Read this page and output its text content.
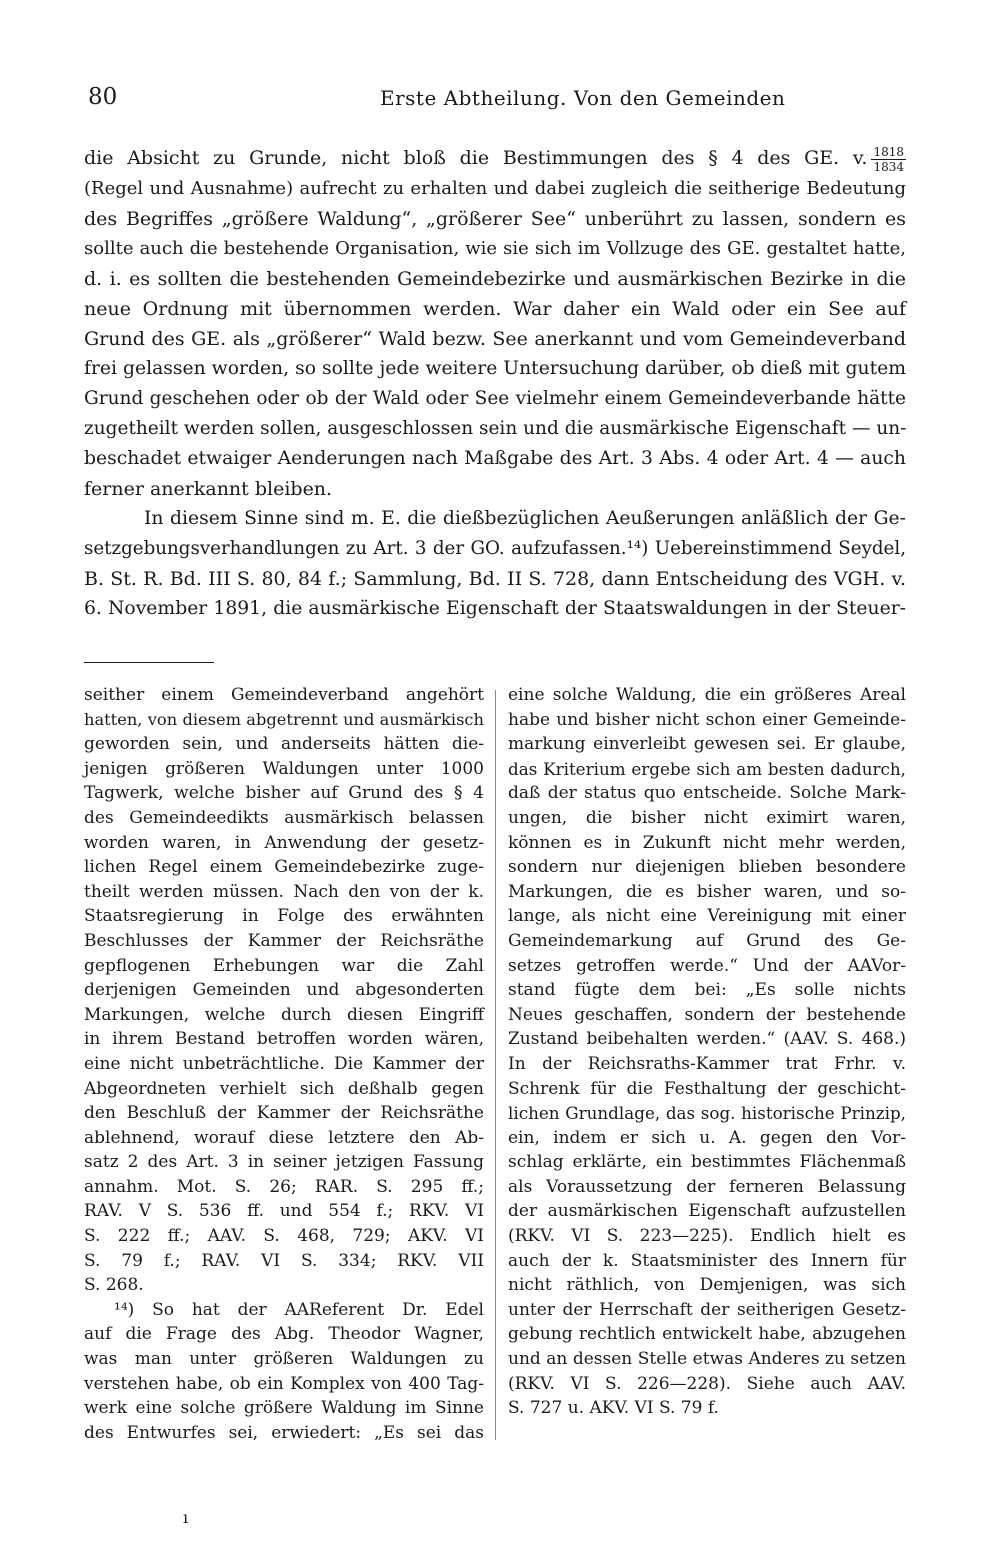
80	Erste Abtheilung. Von den Gemeinden

die Absicht zu Grunde, nicht bloß die Bestimmungen des § 4 des GE. v. $\frac{1818}{1834}$

(Regel und Ausnahme) aufrecht zu erhalten und dabei zugleich die seitherige Bedeutung

des Begriffes „größere Waldung“, „größerer See“ unberührt zu lassen, sondern es

sollte auch die bestehende Organisation, wie sie sich im Vollzuge des GE. gestaltet hatte,

d. i. es sollten die bestehenden Gemeindebezirke und ausmärkischen Bezirke in die

neue Ordnung mit übernommen werden. War daher ein Wald oder ein See auf

Grund des GE. als „größerer“ Wald bezw. See anerkannt und vom Gemeindeverband

frei gelassen worden, so sollte jede weitere Untersuchung darüber, ob dieß mit gutem

Grund geschehen oder ob der Wald oder See vielmehr einem Gemeindeverbande hätte

zugetheilt werden sollen, ausgeschlossen sein und die ausmärkische Eigenschaft — un-

beschadet etwaiger Aenderungen nach Maßgabe des Art. 3 Abs. 4 oder Art. 4 — auch

ferner anerkannt bleiben.

In diesem Sinne sind m. E. die dießbezüglichen Aeußerungen anläßlich der Ge-

setzgebungsverhandlungen zu Art. 3 der GO. aufzufassen.¹⁴) Uebereinstimmend Seydel,

B. St. R. Bd. III S. 80, 84 f.; Sammlung, Bd. II S. 728, dann Entscheidung des VGH. v.

6. November 1891, die ausmärkische Eigenschaft der Staatswaldungen in der Steuer-

seither einem Gemeindeverband angehört

hatten, von diesem abgetrennt und ausmärkisch

geworden sein, und anderseits hätten die-

jenigen größeren Waldungen unter 1000

Tagwerk, welche bisher auf Grund des § 4

des Gemeindeedikts ausmärkisch belassen

worden waren, in Anwendung der gesetz-

lichen Regel einem Gemeindebezirke zuge-

theilt werden müssen. Nach den von der k.

Staatsregierung in Folge des erwähnten

Beschlusses der Kammer der Reichsräthe

gepflogenen Erhebungen war die Zahl

derjenigen Gemeinden und abgesonderten

Markungen, welche durch diesen Eingriff

in ihrem Bestand betroffen worden wären,

eine nicht unbeträchtliche. Die Kammer der

Abgeordneten verhielt sich deßhalb gegen

den Beschluß der Kammer der Reichsräthe

ablehnend, worauf diese letztere den Ab-

satz 2 des Art. 3 in seiner jetzigen Fassung

annahm. Mot. S. 26; RAR. S. 295 ff.;

RAV. V S. 536 ff. und 554 f.; RKV. VI

S. 222 ff.; AAV. S. 468, 729; AKV. VI

S. 79 f.; RAV. VI S. 334; RKV. VII

S. 268.

¹⁴) So hat der AAReferent Dr. Edel

auf die Frage des Abg. Theodor Wagner,

was man unter größeren Waldungen zu

verstehen habe, ob ein Komplex von 400 Tag-

werk eine solche größere Waldung im Sinne

des Entwurfes sei, erwiedert: „Es sei das

eine solche Waldung, die ein größeres Areal

habe und bisher nicht schon einer Gemeinde-

markung einverleibt gewesen sei. Er glaube,

das Kriterium ergebe sich am besten dadurch,

daß der status quo entscheide. Solche Mark-

ungen, die bisher nicht eximirt waren,

können es in Zukunft nicht mehr werden,

sondern nur diejenigen blieben besondere

Markungen, die es bisher waren, und so-

lange, als nicht eine Vereinigung mit einer

Gemeindemarkung auf Grund des Ge-

setzes getroffen werde.“ Und der AAVor-

stand fügte dem bei: „Es solle nichts

Neues geschaffen, sondern der bestehende

Zustand beibehalten werden.“ (AAV. S. 468.)

In der Reichsraths-Kammer trat Frhr. v.

Schrenk für die Festhaltung der geschicht-

lichen Grundlage, das sog. historische Prinzip,

ein, indem er sich u. A. gegen den Vor-

schlag erklärte, ein bestimmtes Flächenmaß

als Voraussetzung der ferneren Belassung

der ausmärkischen Eigenschaft aufzustellen

(RKV. VI S. 223—225). Endlich hielt es

auch der k. Staatsminister des Innern für

nicht räthlich, von Demjenigen, was sich

unter der Herrschaft der seitherigen Gesetz-

gebung rechtlich entwickelt habe, abzugehen

und an dessen Stelle etwas Anderes zu setzen

(RKV. VI S. 226—228). Siehe auch AAV.

S. 727 u. AKV. VI S. 79 f.

ı
